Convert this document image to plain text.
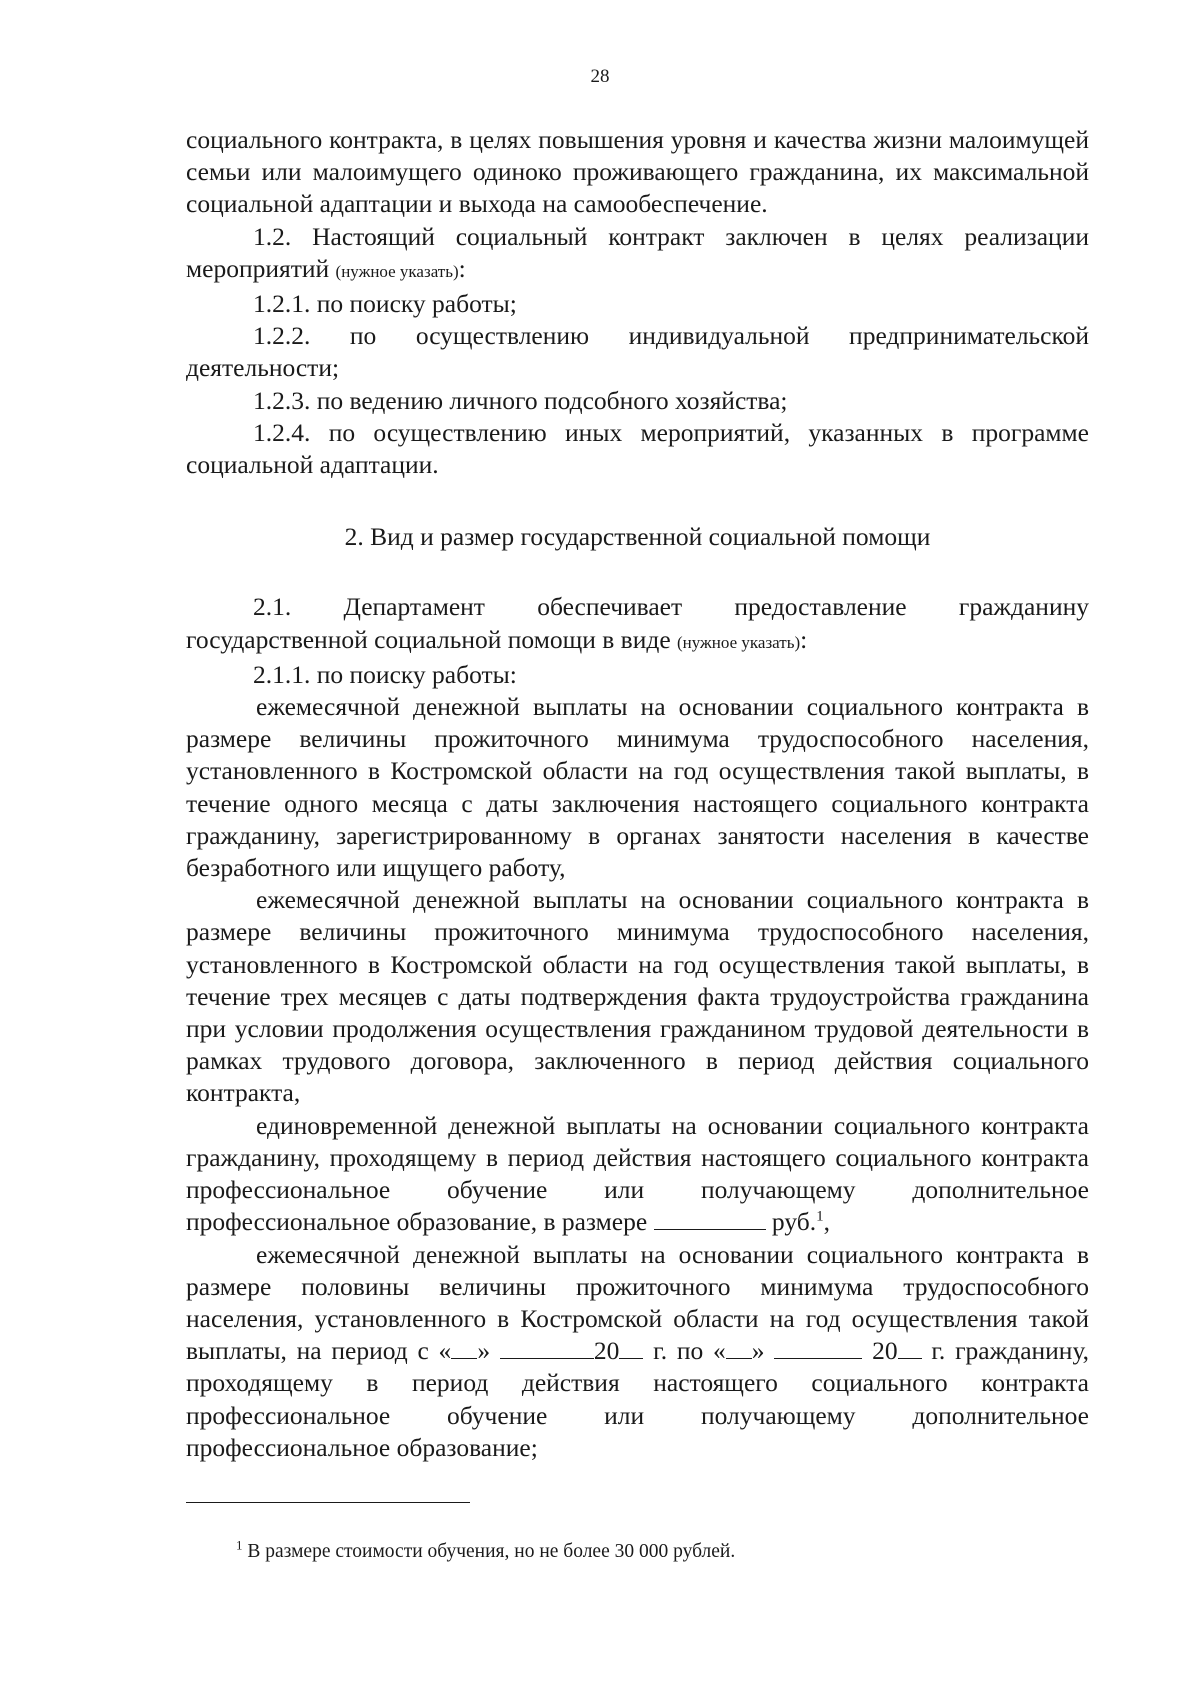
28

социального контракта, в целях повышения уровня и качества жизни малоимущей семьи или малоимущего одиноко проживающего гражданина, их максимальной социальной адаптации и выхода на самообеспечение.

1.2. Настоящий социальный контракт заключен в целях реализации мероприятий (нужное указать):

1.2.1. по поиску работы;

1.2.2. по осуществлению индивидуальной предпринимательской деятельности;

1.2.3. по ведению личного подсобного хозяйства;

1.2.4. по осуществлению иных мероприятий, указанных в программе социальной адаптации.

2. Вид и размер государственной социальной помощи

2.1. Департамент обеспечивает предоставление гражданину государственной социальной помощи в виде (нужное указать):

2.1.1. по поиску работы:

ежемесячной денежной выплаты на основании социального контракта в размере величины прожиточного минимума трудоспособного населения, установленного в Костромской области на год осуществления такой выплаты, в течение одного месяца с даты заключения настоящего социального контракта гражданину, зарегистрированному в органах занятости населения в качестве безработного или ищущего работу,

ежемесячной денежной выплаты на основании социального контракта в размере величины прожиточного минимума трудоспособного населения, установленного в Костромской области на год осуществления такой выплаты, в течение трех месяцев с даты подтверждения факта трудоустройства гражданина при условии продолжения осуществления гражданином трудовой деятельности в рамках трудового договора, заключенного в период действия социального контракта,

единовременной денежной выплаты на основании социального контракта гражданину, проходящему в период действия настоящего социального контракта профессиональное обучение или получающему дополнительное профессиональное образование, в размере	руб.$^1$,

ежемесячной денежной выплаты на основании социального контракта в размере половины величины прожиточного минимума трудоспособного населения, установленного в Костромской области на год осуществления такой выплаты, на период с « »	20 г. по « »	20 г. гражданину, проходящему в период действия настоящего социального контракта профессиональное обучение или получающему дополнительное профессиональное образование;

$^1$ В размере стоимости обучения, но не более 30 000 рублей.
